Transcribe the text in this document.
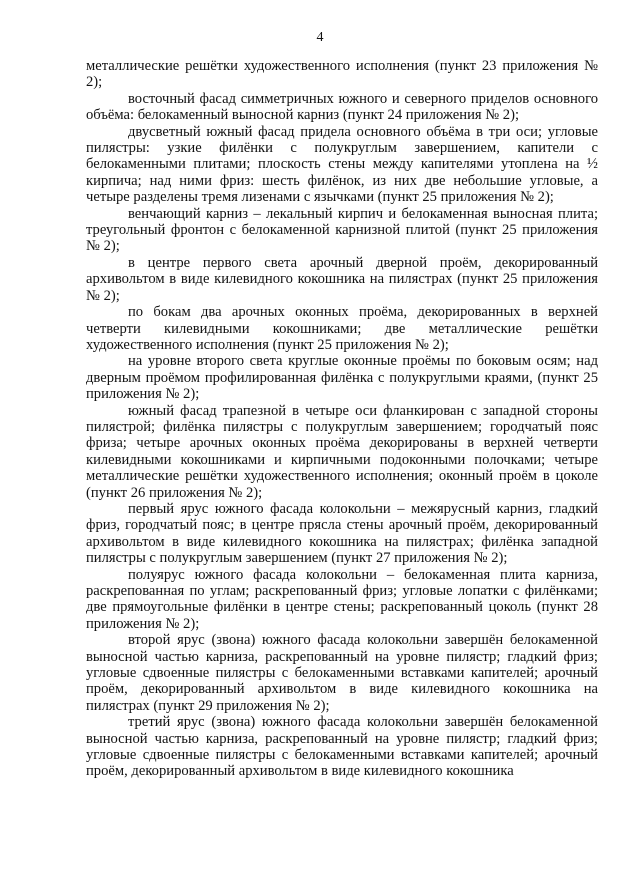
4

металлические решётки художественного исполнения (пункт 23 приложения № 2);

восточный фасад симметричных южного и северного приделов основного объёма: белокаменный выносной карниз (пункт 24 приложения № 2);

двусветный южный фасад придела основного объёма в три оси; угловые пилястры: узкие филёнки с полукруглым завершением, капители с белокаменными плитами; плоскость стены между капителями утоплена на ½ кирпича; над ними фриз: шесть филёнок, из них две небольшие угловые, а четыре разделены тремя лизенами с язычками (пункт 25 приложения № 2);

венчающий карниз – лекальный кирпич и белокаменная выносная плита; треугольный фронтон с белокаменной карнизной плитой (пункт 25 приложения № 2);

в центре первого света арочный дверной проём, декорированный архивольтом в виде килевидного кокошника на пилястрах (пункт 25 приложения № 2);

по бокам два арочных оконных проёма, декорированных в верхней четверти килевидными кокошниками; две металлические решётки художественного исполнения (пункт 25 приложения № 2);

на уровне второго света круглые оконные проёмы по боковым осям; над дверным проёмом профилированная филёнка с полукруглыми краями, (пункт 25 приложения № 2);

южный фасад трапезной в четыре оси фланкирован с западной стороны пилястрой; филёнка пилястры с полукруглым завершением; городчатый пояс фриза; четыре арочных оконных проёма декорированы в верхней четверти килевидными кокошниками и кирпичными подоконными полочками; четыре металлические решётки художественного исполнения; оконный проём в цоколе (пункт 26 приложения № 2);

первый ярус южного фасада колокольни – межярусный карниз, гладкий фриз, городчатый пояс; в центре прясла стены арочный проём, декорированный архивольтом в виде килевидного кокошника на пилястрах; филёнка западной пилястры с полукруглым завершением (пункт 27 приложения № 2);

полуярус южного фасада колокольни – белокаменная плита карниза, раскрепованная по углам; раскрепованный фриз; угловые лопатки с филёнками; две прямоугольные филёнки в центре стены; раскрепованный цоколь (пункт 28 приложения № 2);

второй ярус (звона) южного фасада колокольни завершён белокаменной выносной частью карниза, раскрепованный на уровне пилястр; гладкий фриз; угловые сдвоенные пилястры с белокаменными вставками капителей; арочный проём, декорированный архивольтом в виде килевидного кокошника на пилястрах (пункт 29 приложения № 2);

третий ярус (звона) южного фасада колокольни завершён белокаменной выносной частью карниза, раскрепованный на уровне пилястр; гладкий фриз; угловые сдвоенные пилястры с белокаменными вставками капителей; арочный проём, декорированный архивольтом в виде килевидного кокошника
